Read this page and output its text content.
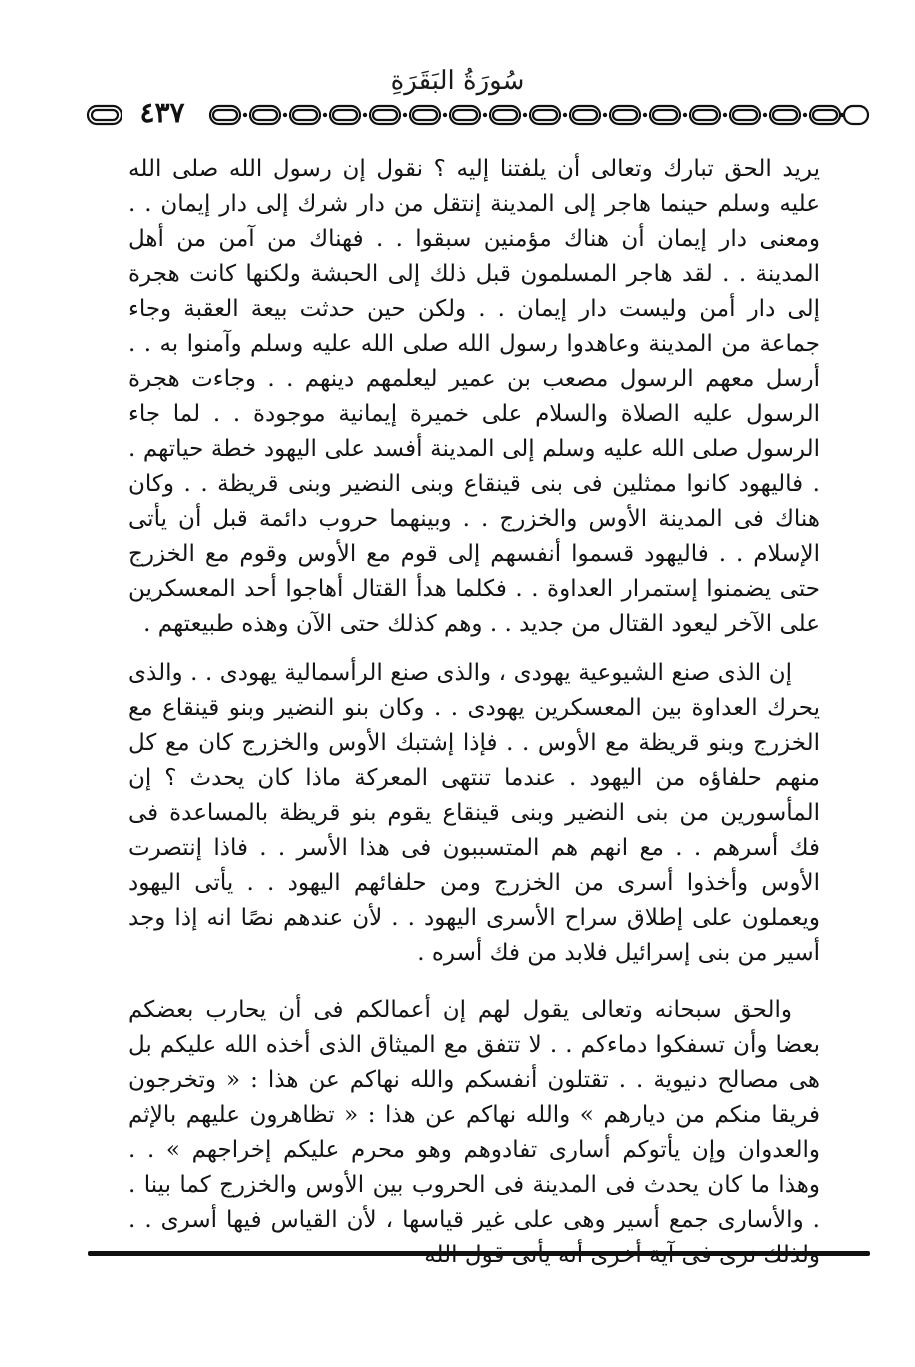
سُورَةُ البَقَرَةِ
٤٣٧

يريد الحق تبارك وتعالى أن يلفتنا إليه ؟ نقول إن رسول الله صلى الله عليه وسلم حينما هاجر إلى المدينة إنتقل من دار شرك إلى دار إيمان . . ومعنى دار إيمان أن هناك مؤمنين سبقوا . . فهناك من آمن من أهل المدينة . . لقد هاجر المسلمون قبل ذلك إلى الحبشة ولكنها كانت هجرة إلى دار أمن وليست دار إيمان . . ولكن حين حدثت بيعة العقبة وجاء جماعة من المدينة وعاهدوا رسول الله صلى الله عليه وسلم وآمنوا به . . أرسل معهم الرسول مصعب بن عمير ليعلمهم دينهم . . وجاءت هجرة الرسول عليه الصلاة والسلام على خميرة إيمانية موجودة . . لما جاء الرسول صلى الله عليه وسلم إلى المدينة أفسد على اليهود خطة حياتهم . . فاليهود كانوا ممثلين فى بنى قينقاع وبنى النضير وبنى قريظة . . وكان هناك فى المدينة الأوس والخزرج . . وبينهما حروب دائمة قبل أن يأتى الإسلام . . فاليهود قسموا أنفسهم إلى قوم مع الأوس وقوم مع الخزرج حتى يضمنوا إستمرار العداوة . . فكلما هدأ القتال أهاجوا أحد المعسكرين على الآخر ليعود القتال من جديد . . وهم كذلك حتى الآن وهذه طبيعتهم .

إن الذى صنع الشيوعية يهودى ، والذى صنع الرأسمالية يهودى . . والذى يحرك العداوة بين المعسكرين يهودى . . وكان بنو النضير وبنو قينقاع مع الخزرج وبنو قريظة مع الأوس . . فإذا إشتبك الأوس والخزرج كان مع كل منهم حلفاؤه من اليهود . عندما تنتهى المعركة ماذا كان يحدث ؟ إن المأسورين من بنى النضير وبنى قينقاع يقوم بنو قريظة بالمساعدة فى فك أسرهم . . مع انهم هم المتسببون فى هذا الأسر . . فاذا إنتصرت الأوس وأخذوا أسرى من الخزرج ومن حلفائهم اليهود . . يأتى اليهود ويعملون على إطلاق سراح الأسرى اليهود . . لأن عندهم نصًا انه إذا وجد أسير من بنى إسرائيل فلابد من فك أسره .

والحق سبحانه وتعالى يقول لهم إن أعمالكم فى أن يحارب بعضكم بعضا وأن تسفكوا دماءكم . . لا تتفق مع الميثاق الذى أخذه الله عليكم بل هى مصالح دنيوية . . تقتلون أنفسكم والله نهاكم عن هذا : « وتخرجون فريقا منكم من ديارهم » والله نهاكم عن هذا : « تظاهرون عليهم بالإثم والعدوان وإن يأتوكم أسارى تفادوهم وهو محرم عليكم إخراجهم » . . وهذا ما كان يحدث فى المدينة فى الحروب بين الأوس والخزرج كما بينا . . والأسارى جمع أسير وهى على غير قياسها ، لأن القياس فيها أسرى . .
